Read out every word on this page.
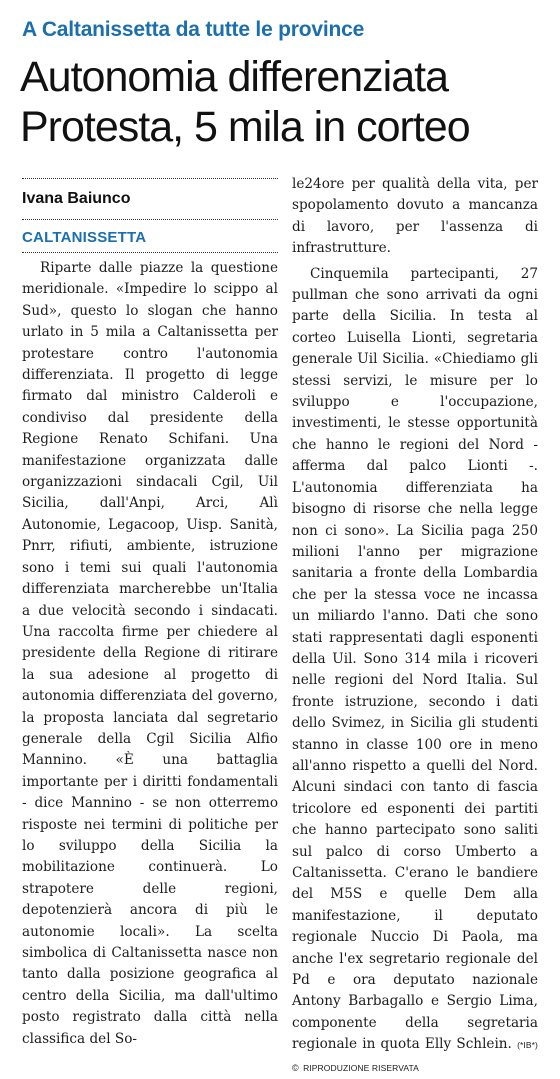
A Caltanissetta da tutte le province
Autonomia differenziata
Protesta, 5 mila in corteo
Ivana Baiunco
CALTANISSETTA

Riparte dalle piazze la questione meridionale. «Impedire lo scippo al Sud», questo lo slogan che hanno urlato in 5 mila a Caltanissetta per protestare contro l'autonomia differenziata. Il progetto di legge firmato dal ministro Calderoli e condiviso dal presidente della Regione Renato Schifani. Una manifestazione organizzata dalle organizzazioni sindacali Cgil, Uil Sicilia, dall'Anpi, Arci, Alì Autonomie, Legacoop, Uisp. Sanità, Pnrr, rifiuti, ambiente, istruzione sono i temi sui quali l'autonomia differenziata marcherebbe un'Italia a due velocità secondo i sindacati. Una raccolta firme per chiedere al presidente della Regione di ritirare la sua adesione al progetto di autonomia differenziata del governo, la proposta lanciata dal segretario generale della Cgil Sicilia Alfio Mannino. «È una battaglia importante per i diritti fondamentali - dice Mannino - se non otterremo risposte nei termini di politiche per lo sviluppo della Sicilia la mobilitazione continuerà. Lo strapotere delle regioni, depotenzierà ancora di più le autonomie locali». La scelta simbolica di Caltanissetta nasce non tanto dalla posizione geografica al centro della Sicilia, ma dall'ultimo posto registrato dalla città nella classifica del So-

le24ore per qualità della vita, per spopolamento dovuto a mancanza di lavoro, per l'assenza di infrastrutture.

Cinquemila partecipanti, 27 pullman che sono arrivati da ogni parte della Sicilia. In testa al corteo Luisella Lionti, segretaria generale Uil Sicilia. «Chiediamo gli stessi servizi, le misure per lo sviluppo e l'occupazione, investimenti, le stesse opportunità che hanno le regioni del Nord - afferma dal palco Lionti -. L'autonomia differenziata ha bisogno di risorse che nella legge non ci sono». La Sicilia paga 250 milioni l'anno per migrazione sanitaria a fronte della Lombardia che per la stessa voce ne incassa un miliardo l'anno. Dati che sono stati rappresentati dagli esponenti della Uil. Sono 314 mila i ricoveri nelle regioni del Nord Italia. Sul fronte istruzione, secondo i dati dello Svimez, in Sicilia gli studenti stanno in classe 100 ore in meno all'anno rispetto a quelli del Nord. Alcuni sindaci con tanto di fascia tricolore ed esponenti dei partiti che hanno partecipato sono saliti sul palco di corso Umberto a Caltanissetta. C'erano le bandiere del M5S e quelle Dem alla manifestazione, il deputato regionale Nuccio Di Paola, ma anche l'ex segretario regionale del Pd e ora deputato nazionale Antony Barbagallo e Sergio Lima, componente della segretaria regionale in quota Elly Schlein. (*IB*) © RIPRODUZIONE RISERVATA
